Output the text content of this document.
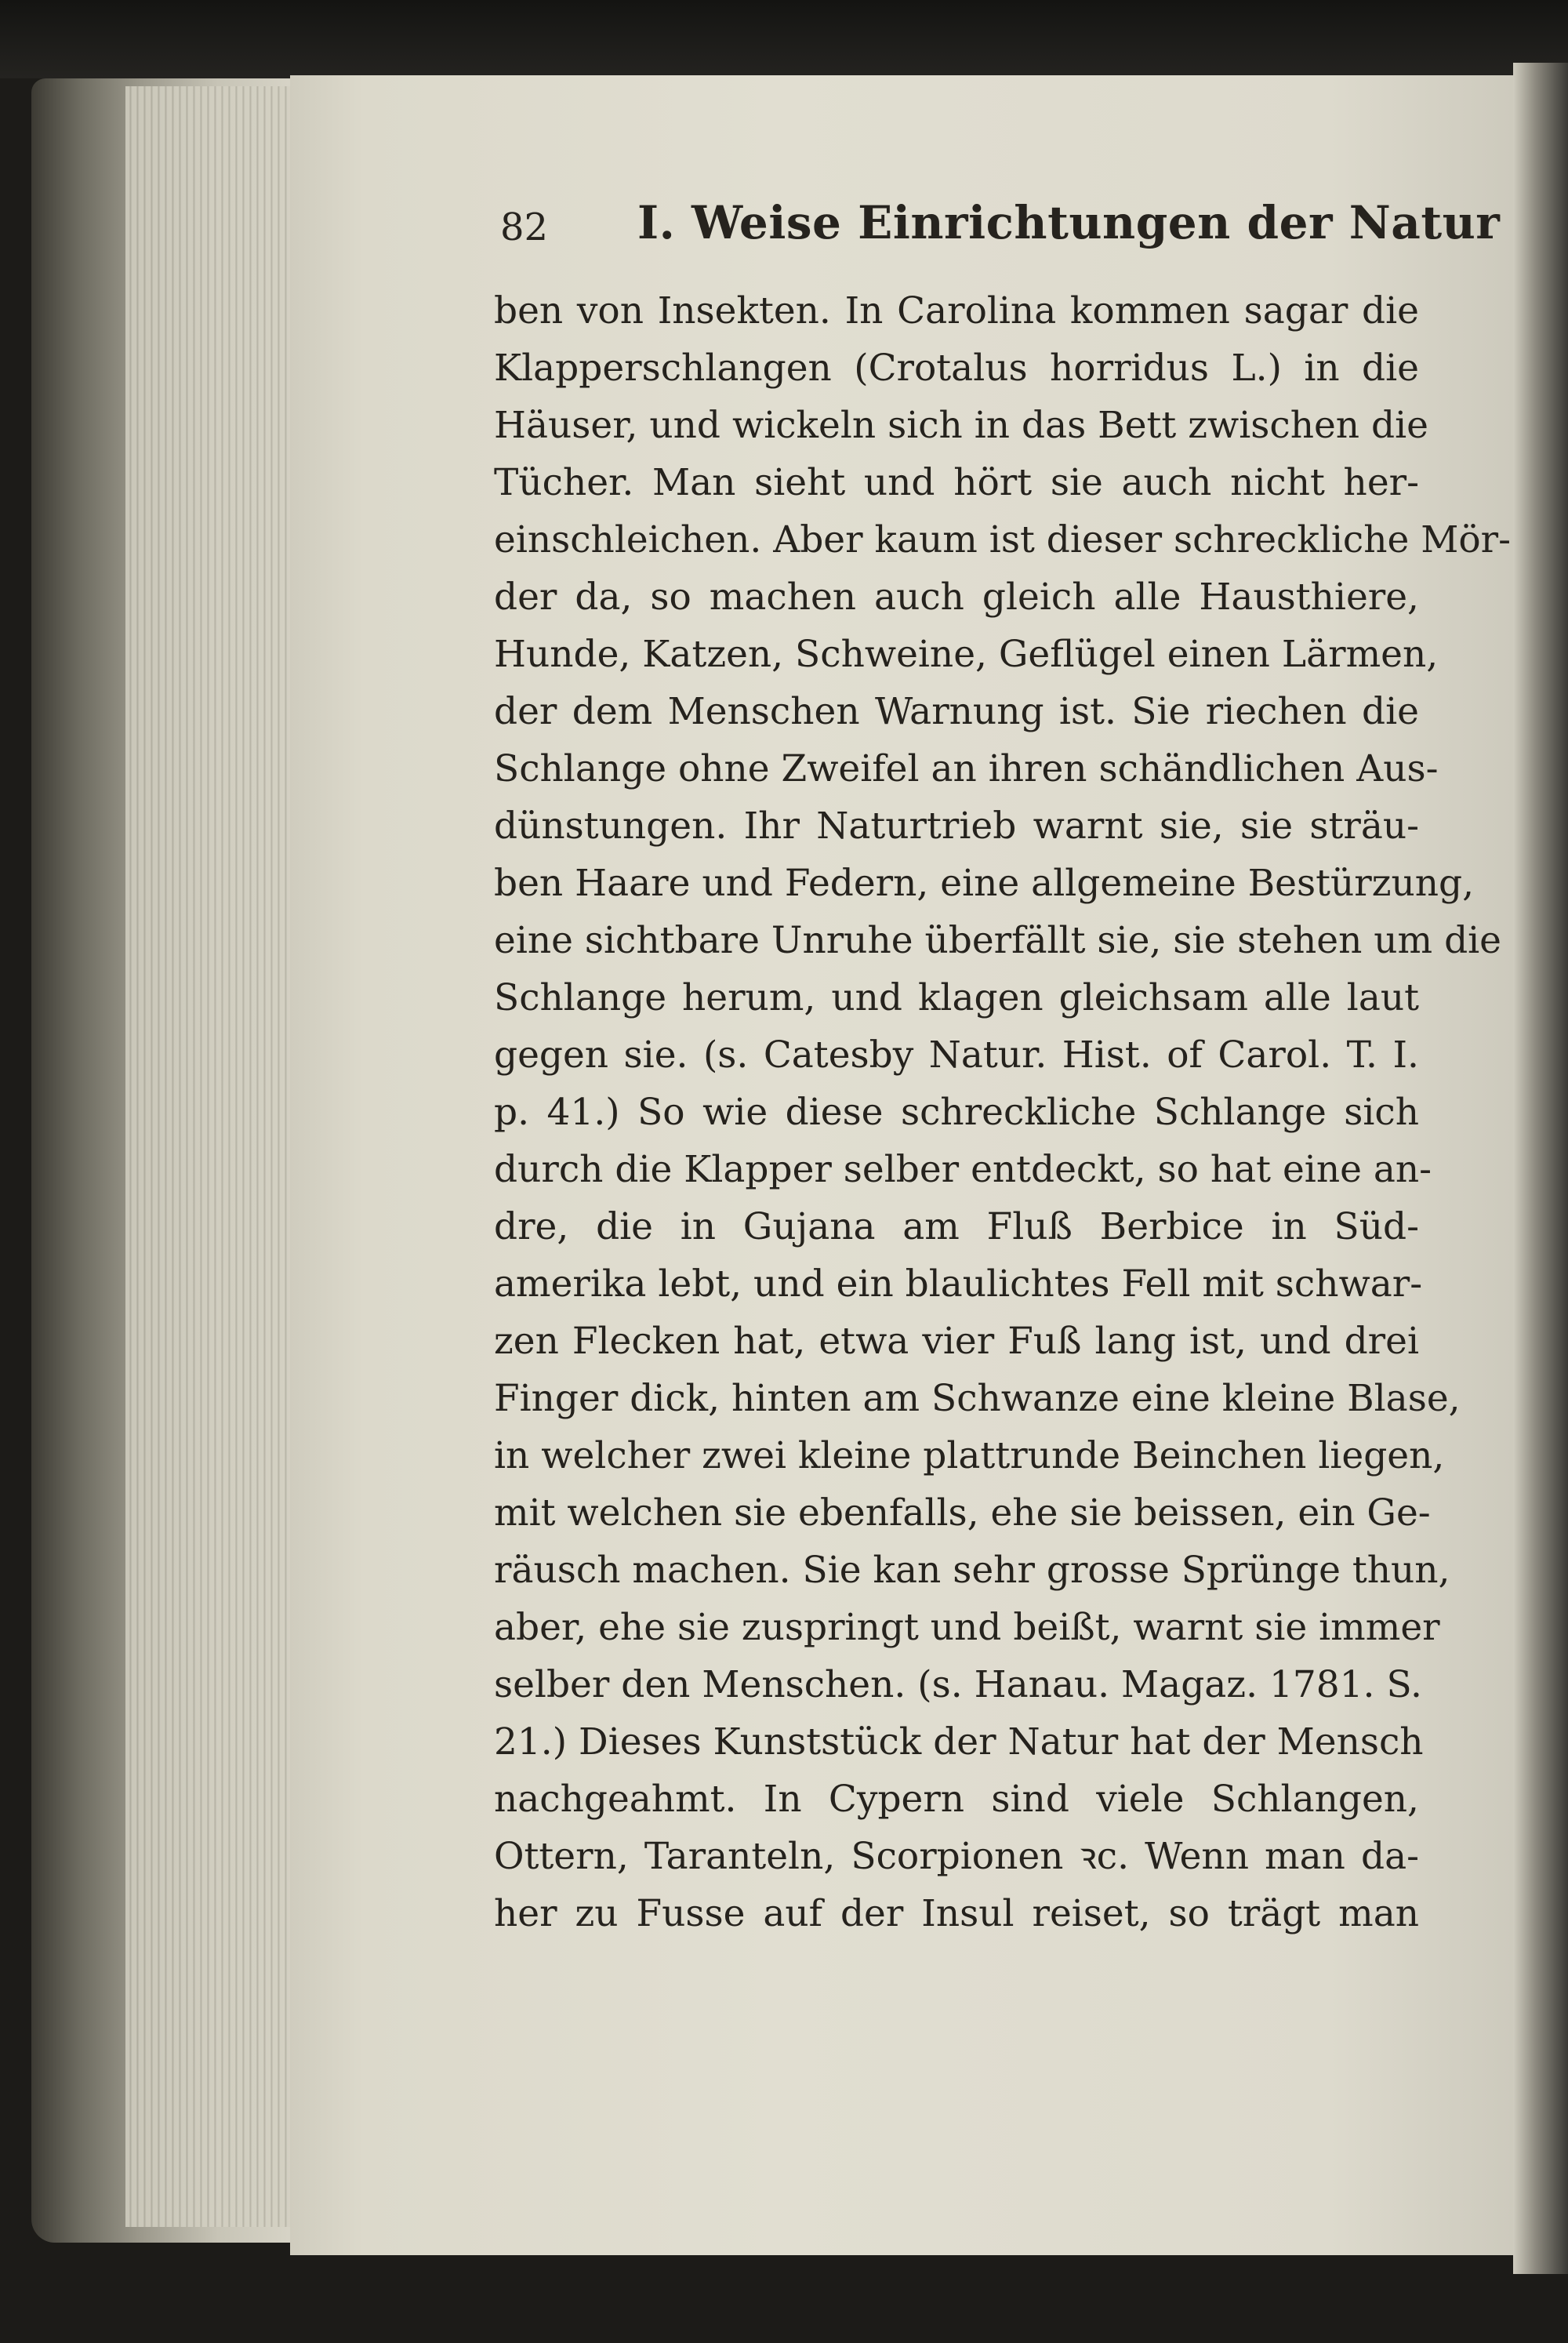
82 I. Weise Einrichtungen der Natur
ben von Insekten. In Carolina kommen sagar die
Klapperschlangen (Crotalus horridus L.) in die
Häuser, und wickeln sich in das Bett zwischen die
Tücher. Man sieht und hört sie auch nicht her-
einschleichen. Aber kaum ist dieser schreckliche Mör-
der da, so machen auch gleich alle Hausthiere,
Hunde, Katzen, Schweine, Geflügel einen Lärmen,
der dem Menschen Warnung ist. Sie riechen die
Schlange ohne Zweifel an ihren schändlichen Aus-
dünstungen. Ihr Naturtrieb warnt sie, sie sträu-
ben Haare und Federn, eine allgemeine Bestürzung,
eine sichtbare Unruhe überfällt sie, sie stehen um die
Schlange herum, und klagen gleichsam alle laut
gegen sie. (s. Catesby Natur. Hist. of Carol. T. I.
p. 41.) So wie diese schreckliche Schlange sich
durch die Klapper selber entdeckt, so hat eine an-
dre, die in Gujana am Fluß Berbice in Süd-
amerika lebt, und ein blaulichtes Fell mit schwar-
zen Flecken hat, etwa vier Fuß lang ist, und drei
Finger dick, hinten am Schwanze eine kleine Blase,
in welcher zwei kleine plattrunde Beinchen liegen,
mit welchen sie ebenfalls, ehe sie beissen, ein Ge-
räusch machen. Sie kan sehr grosse Sprünge thun,
aber, ehe sie zuspringt und beißt, warnt sie immer
selber den Menschen. (s. Hanau. Magaz. 1781. S.
21.) Dieses Kunststück der Natur hat der Mensch
nachgeahmt. In Cypern sind viele Schlangen,
Ottern, Taranteln, Scorpionen ꝛc. Wenn man da-
her zu Fusse auf der Insul reiset, so trägt man
